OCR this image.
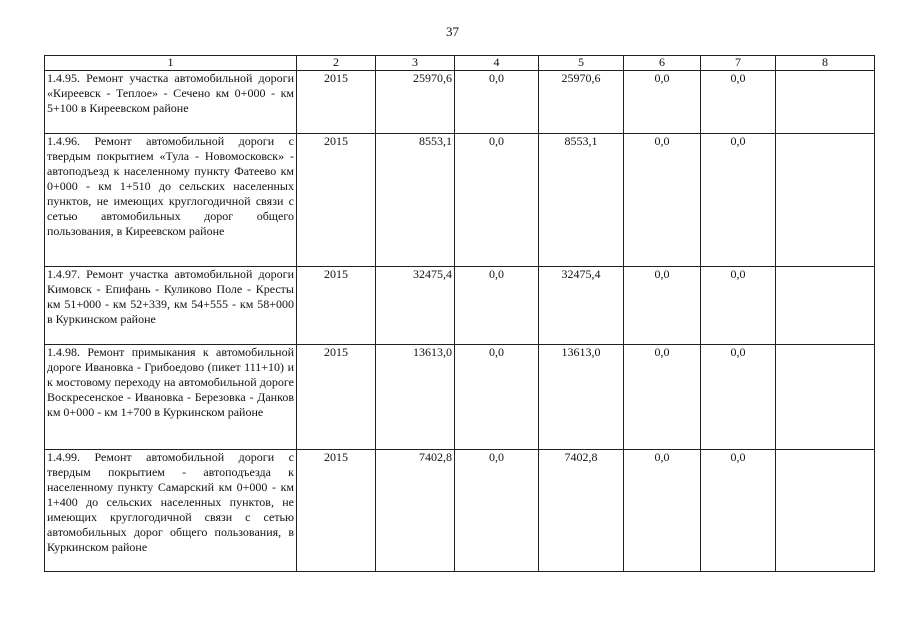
37
1	2	3	4	5	6	7	8
1.4.95. Ремонт участка автомобильной дороги «Киреевск - Теплое» - Сечено км 0+000 - км 5+100 в Киреевском районе	2015	25970,6	0,0	25970,6	0,0	0,0	
1.4.96. Ремонт автомобильной дороги с твердым покрытием «Тула - Новомосковск» - автоподъезд к населенному пункту Фатеево км 0+000 - км 1+510 до сельских населенных пунктов, не имеющих круглогодичной связи с сетью автомобильных дорог общего пользования, в Киреевском районе	2015	8553,1	0,0	8553,1	0,0	0,0	
1.4.97. Ремонт участка автомобильной дороги Кимовск - Епифань - Куликово Поле - Кресты км 51+000 - км 52+339, км 54+555 - км 58+000 в Куркинском районе	2015	32475,4	0,0	32475,4	0,0	0,0	
1.4.98. Ремонт примыкания к автомобильной дороге Ивановка - Грибоедово (пикет 111+10) и к мостовому переходу на автомобильной дороге Воскресенское - Ивановка - Березовка - Данков км 0+000 - км 1+700 в Куркинском районе	2015	13613,0	0,0	13613,0	0,0	0,0	
1.4.99. Ремонт автомобильной дороги с твердым покрытием - автоподъезда к населенному пункту Самарский км 0+000 - км 1+400 до сельских населенных пунктов, не имеющих круглогодичной связи с сетью автомобильных дорог общего пользования, в Куркинском районе	2015	7402,8	0,0	7402,8	0,0	0,0	
